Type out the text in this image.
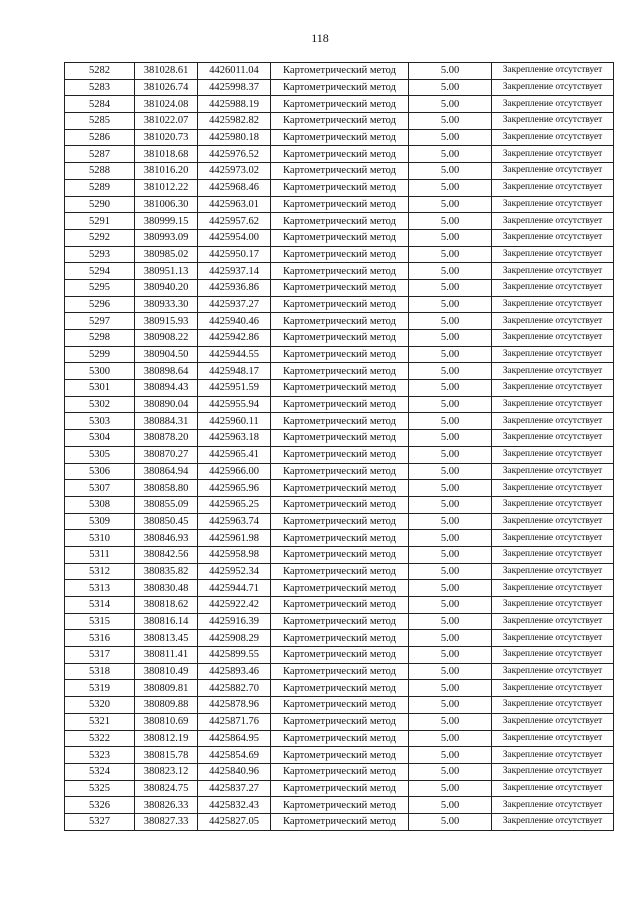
118
5282	381028.61	4426011.04	Картометрический метод	5.00	Закрепление отсутствует
5283	381026.74	4425998.37	Картометрический метод	5.00	Закрепление отсутствует
5284	381024.08	4425988.19	Картометрический метод	5.00	Закрепление отсутствует
5285	381022.07	4425982.82	Картометрический метод	5.00	Закрепление отсутствует
5286	381020.73	4425980.18	Картометрический метод	5.00	Закрепление отсутствует
5287	381018.68	4425976.52	Картометрический метод	5.00	Закрепление отсутствует
5288	381016.20	4425973.02	Картометрический метод	5.00	Закрепление отсутствует
5289	381012.22	4425968.46	Картометрический метод	5.00	Закрепление отсутствует
5290	381006.30	4425963.01	Картометрический метод	5.00	Закрепление отсутствует
5291	380999.15	4425957.62	Картометрический метод	5.00	Закрепление отсутствует
5292	380993.09	4425954.00	Картометрический метод	5.00	Закрепление отсутствует
5293	380985.02	4425950.17	Картометрический метод	5.00	Закрепление отсутствует
5294	380951.13	4425937.14	Картометрический метод	5.00	Закрепление отсутствует
5295	380940.20	4425936.86	Картометрический метод	5.00	Закрепление отсутствует
5296	380933.30	4425937.27	Картометрический метод	5.00	Закрепление отсутствует
5297	380915.93	4425940.46	Картометрический метод	5.00	Закрепление отсутствует
5298	380908.22	4425942.86	Картометрический метод	5.00	Закрепление отсутствует
5299	380904.50	4425944.55	Картометрический метод	5.00	Закрепление отсутствует
5300	380898.64	4425948.17	Картометрический метод	5.00	Закрепление отсутствует
5301	380894.43	4425951.59	Картометрический метод	5.00	Закрепление отсутствует
5302	380890.04	4425955.94	Картометрический метод	5.00	Закрепление отсутствует
5303	380884.31	4425960.11	Картометрический метод	5.00	Закрепление отсутствует
5304	380878.20	4425963.18	Картометрический метод	5.00	Закрепление отсутствует
5305	380870.27	4425965.41	Картометрический метод	5.00	Закрепление отсутствует
5306	380864.94	4425966.00	Картометрический метод	5.00	Закрепление отсутствует
5307	380858.80	4425965.96	Картометрический метод	5.00	Закрепление отсутствует
5308	380855.09	4425965.25	Картометрический метод	5.00	Закрепление отсутствует
5309	380850.45	4425963.74	Картометрический метод	5.00	Закрепление отсутствует
5310	380846.93	4425961.98	Картометрический метод	5.00	Закрепление отсутствует
5311	380842.56	4425958.98	Картометрический метод	5.00	Закрепление отсутствует
5312	380835.82	4425952.34	Картометрический метод	5.00	Закрепление отсутствует
5313	380830.48	4425944.71	Картометрический метод	5.00	Закрепление отсутствует
5314	380818.62	4425922.42	Картометрический метод	5.00	Закрепление отсутствует
5315	380816.14	4425916.39	Картометрический метод	5.00	Закрепление отсутствует
5316	380813.45	4425908.29	Картометрический метод	5.00	Закрепление отсутствует
5317	380811.41	4425899.55	Картометрический метод	5.00	Закрепление отсутствует
5318	380810.49	4425893.46	Картометрический метод	5.00	Закрепление отсутствует
5319	380809.81	4425882.70	Картометрический метод	5.00	Закрепление отсутствует
5320	380809.88	4425878.96	Картометрический метод	5.00	Закрепление отсутствует
5321	380810.69	4425871.76	Картометрический метод	5.00	Закрепление отсутствует
5322	380812.19	4425864.95	Картометрический метод	5.00	Закрепление отсутствует
5323	380815.78	4425854.69	Картометрический метод	5.00	Закрепление отсутствует
5324	380823.12	4425840.96	Картометрический метод	5.00	Закрепление отсутствует
5325	380824.75	4425837.27	Картометрический метод	5.00	Закрепление отсутствует
5326	380826.33	4425832.43	Картометрический метод	5.00	Закрепление отсутствует
5327	380827.33	4425827.05	Картометрический метод	5.00	Закрепление отсутствует
